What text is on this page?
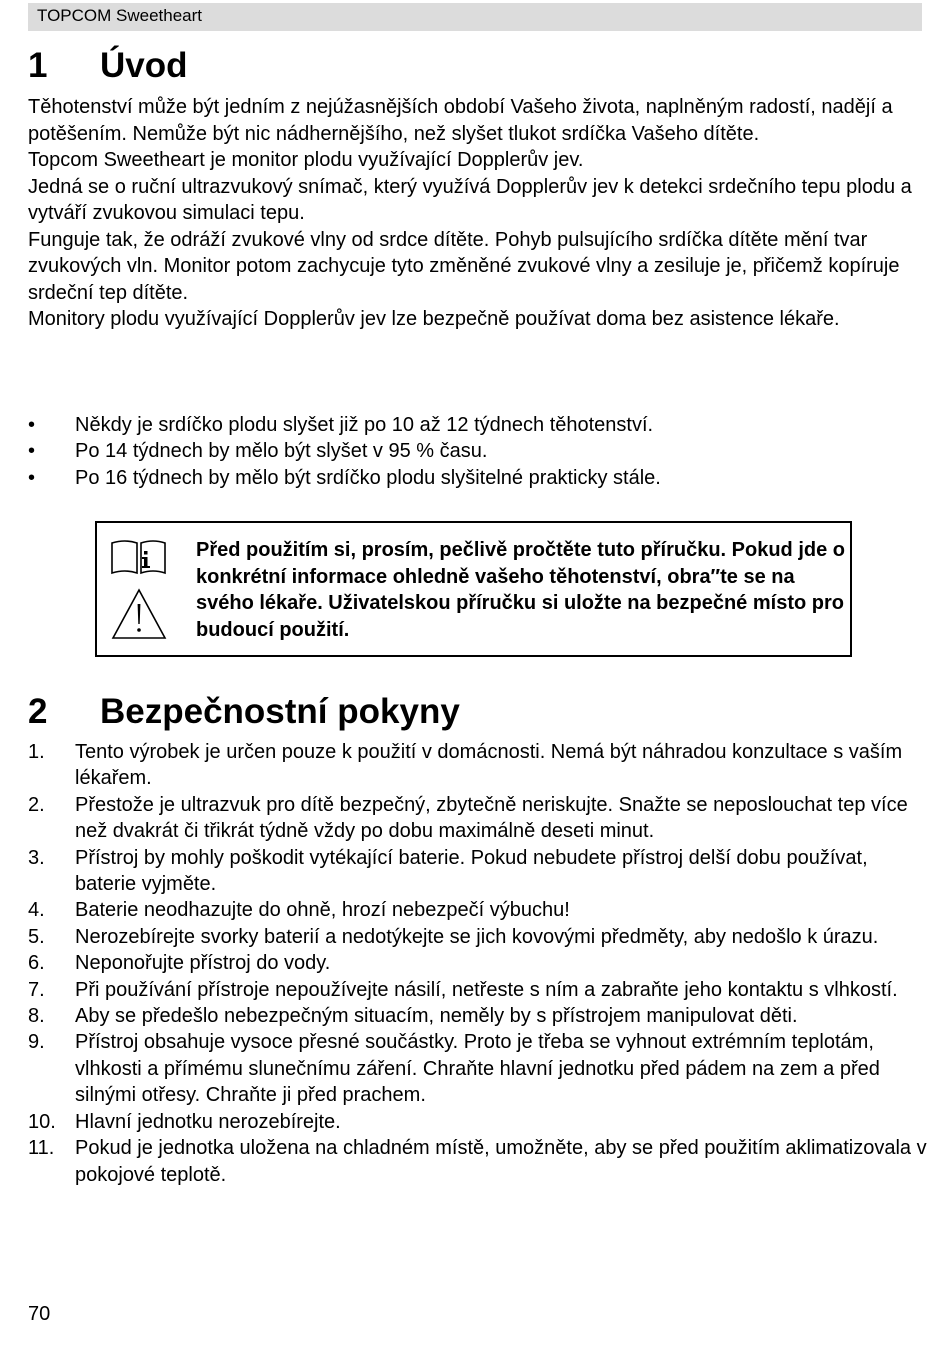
TOPCOM Sweetheart
1 Úvod

Těhotenství může být jedním z nejúžasnějších období Vašeho života, naplněným radostí, nadějí a potěšením. Nemůže být nic nádhernějšího, než slyšet tlukot srdíčka Vašeho dítěte.

Topcom Sweetheart je monitor plodu využívající Dopplerův jev.

Jedná se o ruční ultrazvukový snímač, který využívá Dopplerův jev k detekci srdečního tepu plodu a vytváří zvukovou simulaci tepu.

Funguje tak, že odráží zvukové vlny od srdce dítěte. Pohyb pulsujícího srdíčka dítěte mění tvar zvukových vln. Monitor potom zachycuje tyto změněné zvukové vlny a zesiluje je, přičemž kopíruje srdeční tep dítěte.

Monitory plodu využívající Dopplerův jev lze bezpečně používat doma bez asistence lékaře.

• Někdy je srdíčko plodu slyšet již po 10 až 12 týdnech těhotenství.
• Po 14 týdnech by mělo být slyšet v 95 % času.
• Po 16 týdnech by mělo být srdíčko plodu slyšitelné prakticky stále.
Před použitím si, prosím, pečlivě pročtěte tuto příručku. Pokud jde o konkrétní informace ohledně vašeho těhotenství, obra″te se na svého lékaře. Uživatelskou příručku si uložte na bezpečné místo pro budoucí použití.
2 Bezpečnostní pokyny
1. Tento výrobek je určen pouze k použití v domácnosti. Nemá být náhradou konzultace s vaším lékařem.
2. Přestože je ultrazvuk pro dítě bezpečný, zbytečně neriskujte. Snažte se neposlouchat tep více než dvakrát či třikrát týdně vždy po dobu maximálně deseti minut.
3. Přístroj by mohly poškodit vytékající baterie. Pokud nebudete přístroj delší dobu používat, baterie vyjměte.
4. Baterie neodhazujte do ohně, hrozí nebezpečí výbuchu!
5. Nerozebírejte svorky baterií a nedotýkejte se jich kovovými předměty, aby nedošlo k úrazu.
6. Neponořujte přístroj do vody.
7. Při používání přístroje nepoužívejte násilí, netřeste s ním a zabraňte jeho kontaktu s vlhkostí.
8. Aby se předešlo nebezpečným situacím, neměly by s přístrojem manipulovat děti.
9. Přístroj obsahuje vysoce přesné součástky. Proto je třeba se vyhnout extrémním teplotám, vlhkosti a přímému slunečnímu záření. Chraňte hlavní jednotku před pádem na zem a před silnými otřesy. Chraňte ji před prachem.
10. Hlavní jednotku nerozebírejte.
11. Pokud je jednotka uložena na chladném místě, umožněte, aby se před použitím aklimatizovala v pokojové teplotě.
70
